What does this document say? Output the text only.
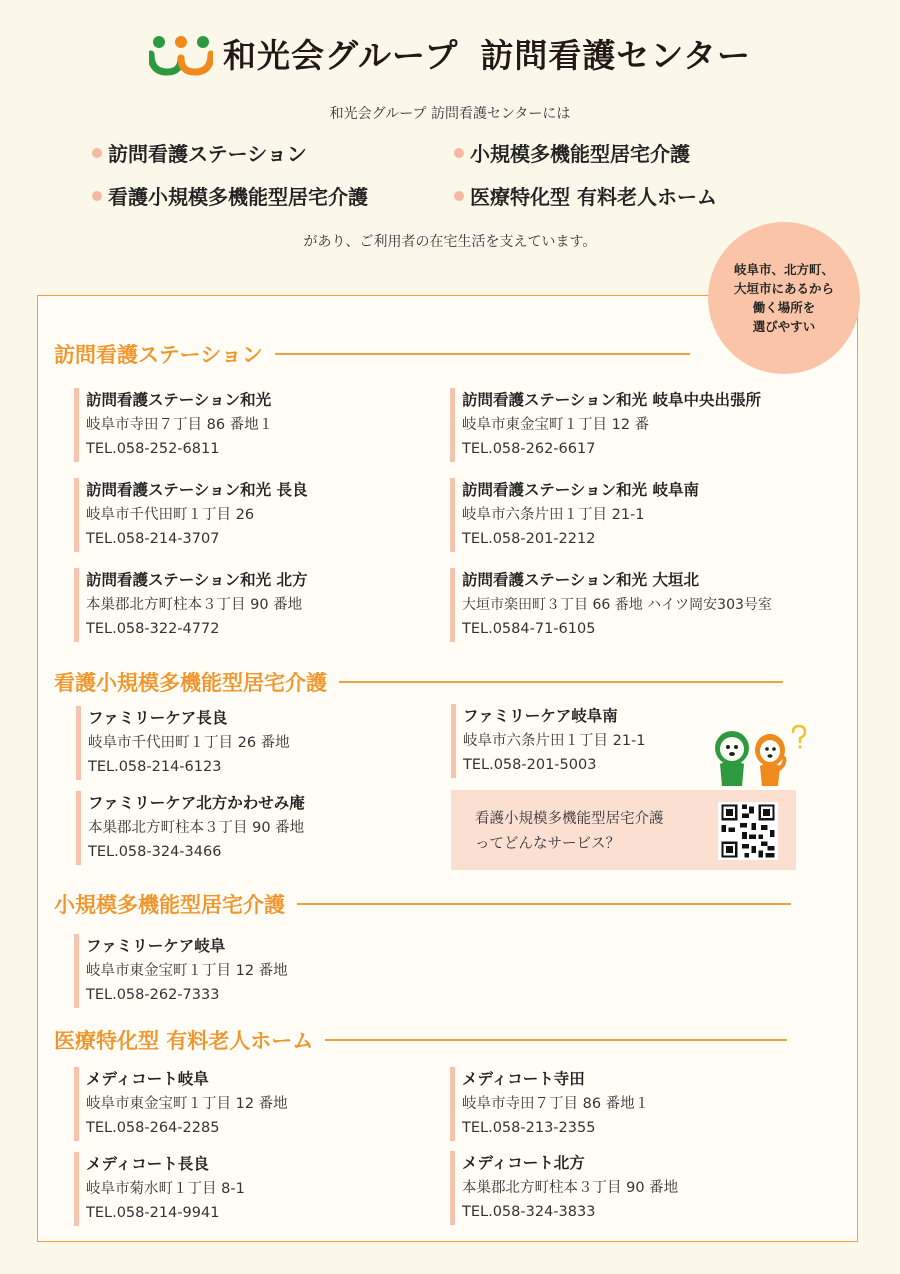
和光会グループ 訪問看護センター
和光会グループ 訪問看護センターには
訪問看護ステーション	小規模多機能型居宅介護
看護小規模多機能型居宅介護	医療特化型 有料老人ホーム
があり、ご利用者の在宅生活を支えています。
岐阜市、北方町、
大垣市にあるから
働く場所を
選びやすい
訪問看護ステーション
訪問看護ステーション和光
岐阜市寺田７丁目 86 番地１
TEL.058-252-6811
訪問看護ステーション和光 岐阜中央出張所
岐阜市東金宝町１丁目 12 番
TEL.058-262-6617
訪問看護ステーション和光 長良
岐阜市千代田町１丁目 26
TEL.058-214-3707
訪問看護ステーション和光 岐阜南
岐阜市六条片田１丁目 21-1
TEL.058-201-2212
訪問看護ステーション和光 北方
本巣郡北方町柱本３丁目 90 番地
TEL.058-322-4772
訪問看護ステーション和光 大垣北
大垣市楽田町３丁目 66 番地 ハイツ岡安303号室
TEL.0584-71-6105
看護小規模多機能型居宅介護
ファミリーケア長良
岐阜市千代田町１丁目 26 番地
TEL.058-214-6123
ファミリーケア岐阜南
岐阜市六条片田１丁目 21-1
TEL.058-201-5003
ファミリーケア北方かわせみ庵
本巣郡北方町柱本３丁目 90 番地
TEL.058-324-3466
看護小規模多機能型居宅介護
ってどんなサービス？
小規模多機能型居宅介護
ファミリーケア岐阜
岐阜市東金宝町１丁目 12 番地
TEL.058-262-7333
医療特化型 有料老人ホーム
メディコート岐阜
岐阜市東金宝町１丁目 12 番地
TEL.058-264-2285
メディコート寺田
岐阜市寺田７丁目 86 番地１
TEL.058-213-2355
メディコート長良
岐阜市菊水町１丁目 8-1
TEL.058-214-9941
メディコート北方
本巣郡北方町柱本３丁目 90 番地
TEL.058-324-3833
